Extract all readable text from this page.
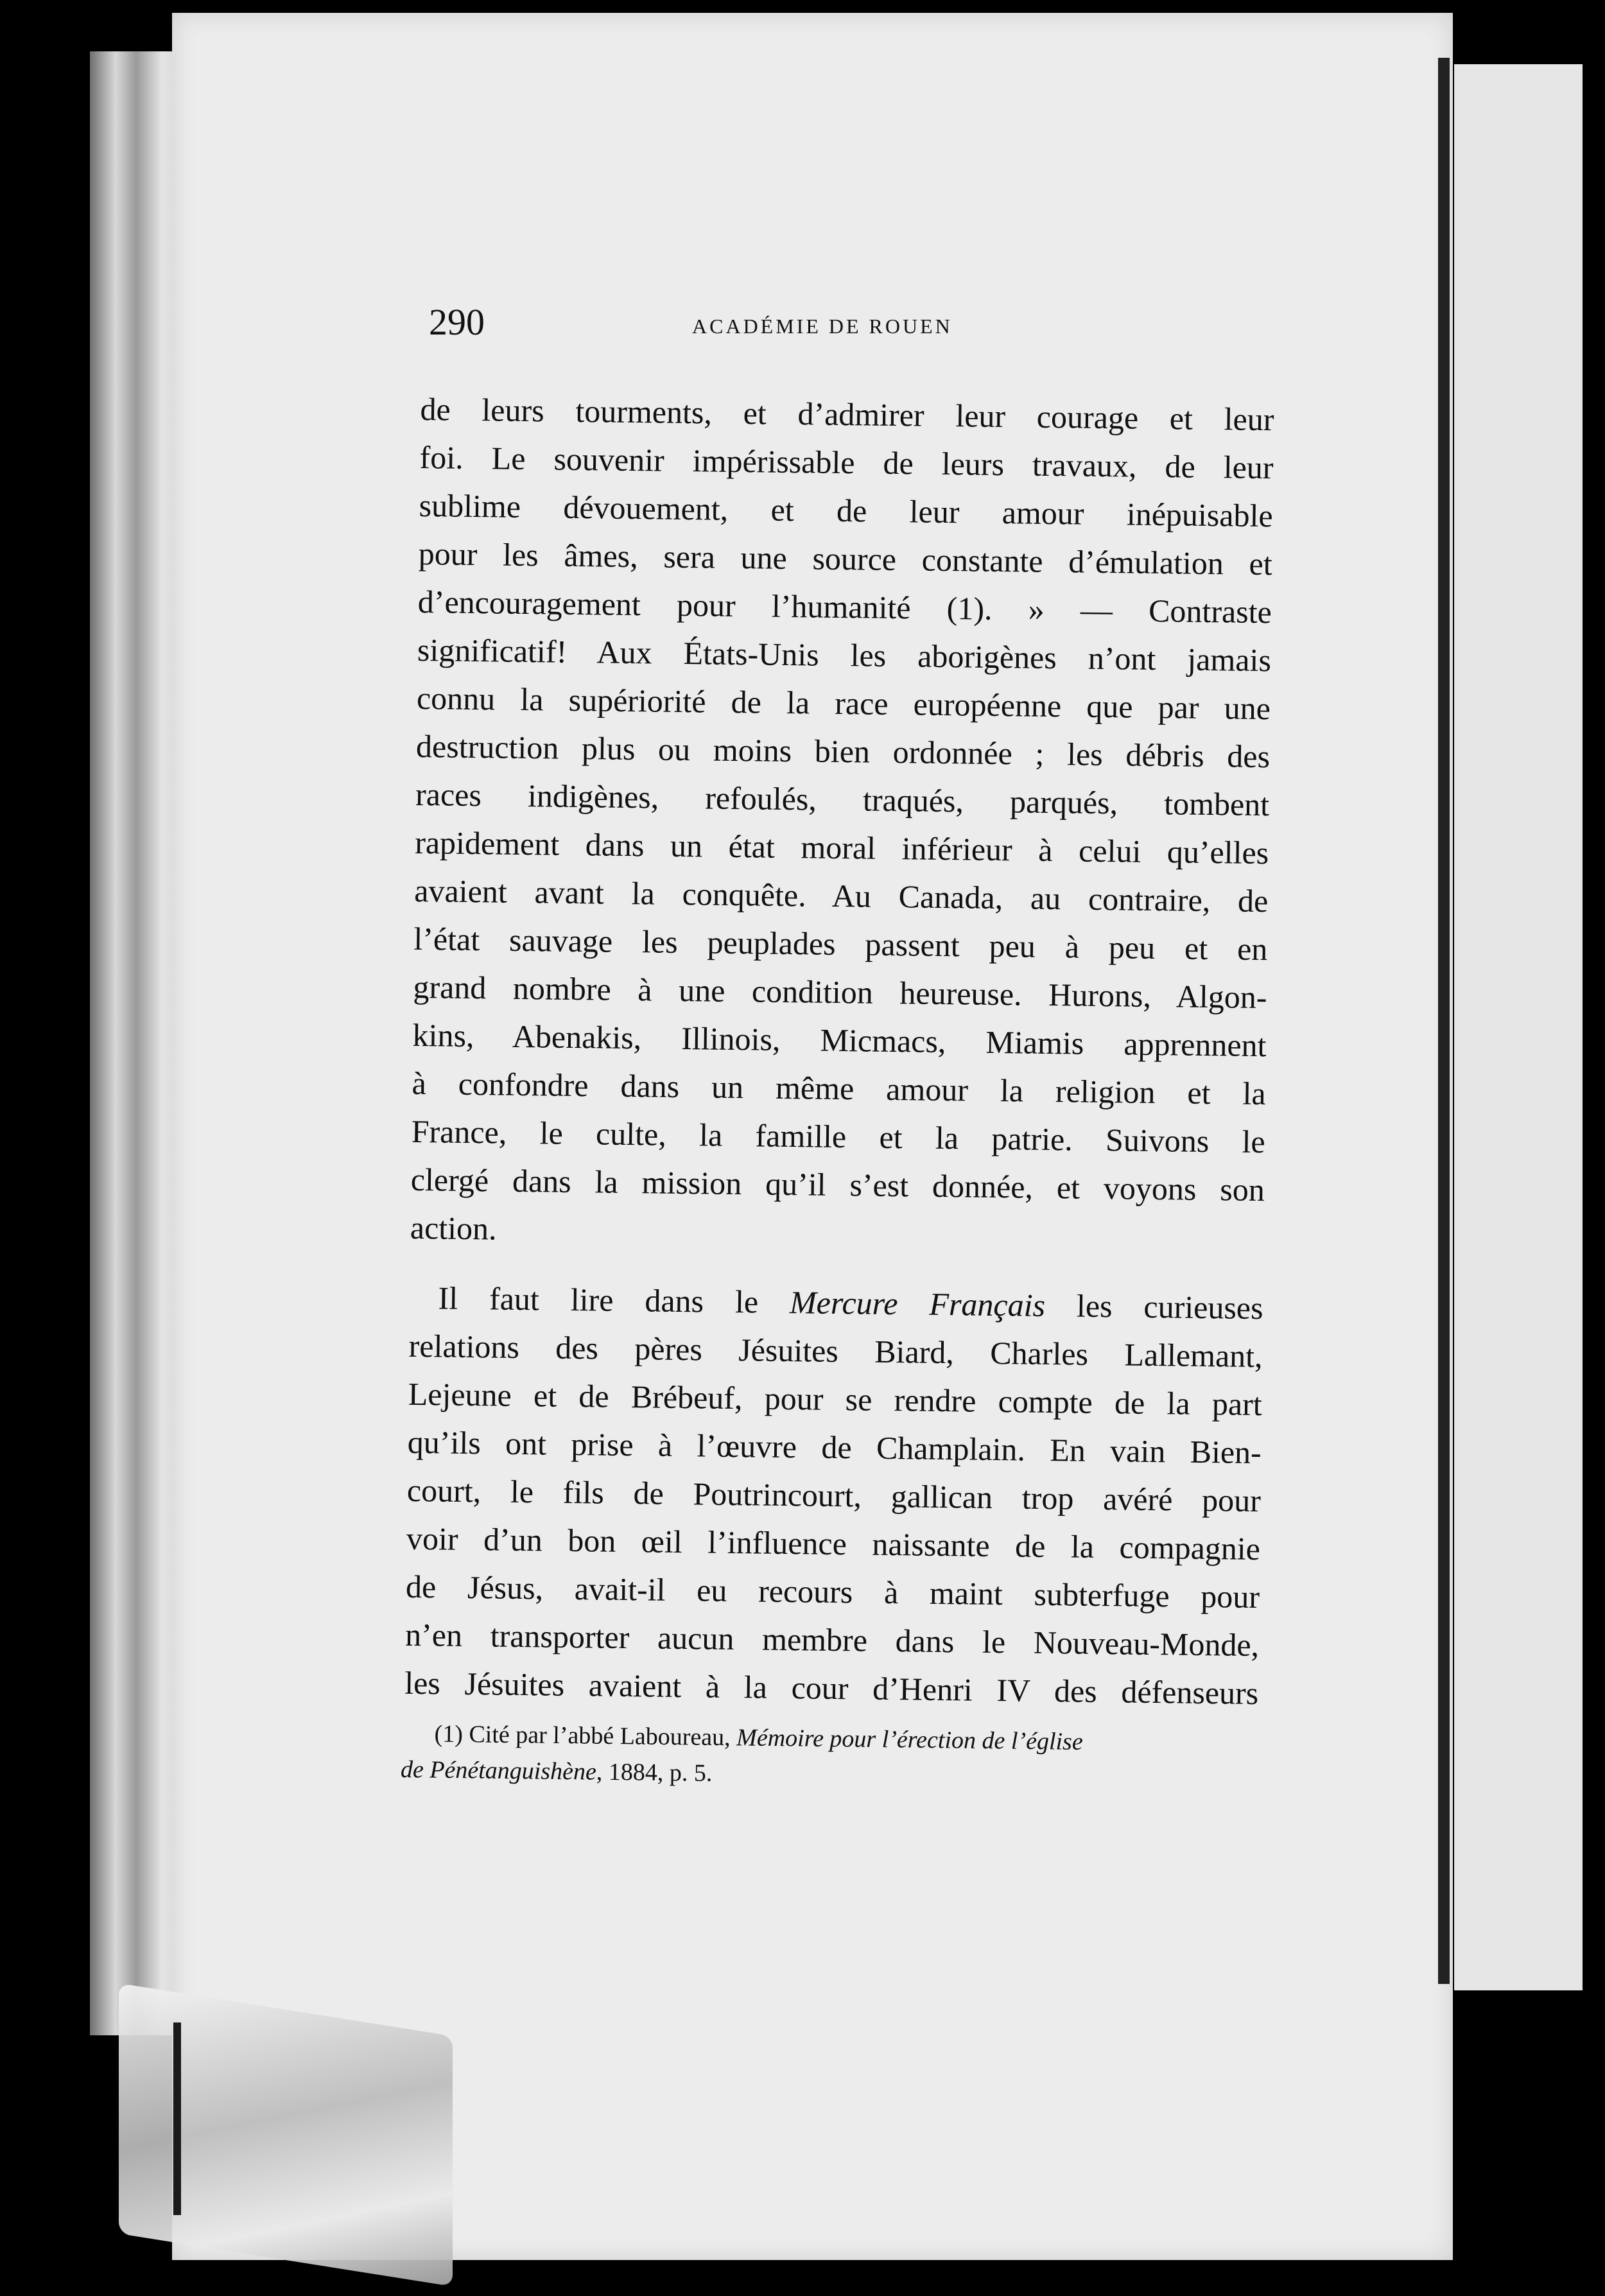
290	ACADÉMIE DE ROUEN
de leurs tourments, et d’admirer leur courage et leur
foi. Le souvenir impérissable de leurs travaux, de leur
sublime dévouement, et de leur amour inépuisable
pour les âmes, sera une source constante d’émulation et
d’encouragement pour l’humanité (1). » — Contraste
significatif! Aux États-Unis les aborigènes n’ont jamais
connu la supériorité de la race européenne que par une
destruction plus ou moins bien ordonnée ; les débris des
races indigènes, refoulés, traqués, parqués, tombent
rapidement dans un état moral inférieur à celui qu’elles
avaient avant la conquête. Au Canada, au contraire, de
l’état sauvage les peuplades passent peu à peu et en
grand nombre à une condition heureuse. Hurons, Algon-
kins, Abenakis, Illinois, Micmacs, Miamis apprennent
à confondre dans un même amour la religion et la
France, le culte, la famille et la patrie. Suivons le
clergé dans la mission qu’il s’est donnée, et voyons son
action.
Il faut lire dans le Mercure Français les curieuses
relations des pères Jésuites Biard, Charles Lallemant,
Lejeune et de Brébeuf, pour se rendre compte de la part
qu’ils ont prise à l’œuvre de Champlain. En vain Bien-
court, le fils de Poutrincourt, gallican trop avéré pour
voir d’un bon œil l’influence naissante de la compagnie
de Jésus, avait-il eu recours à maint subterfuge pour
n’en transporter aucun membre dans le Nouveau-Monde,
les Jésuites avaient à la cour d’Henri IV des défenseurs
(1) Cité par l’abbé Laboureau, Mémoire pour l’érection de l’église
de Pénétanguishène, 1884, p. 5.
